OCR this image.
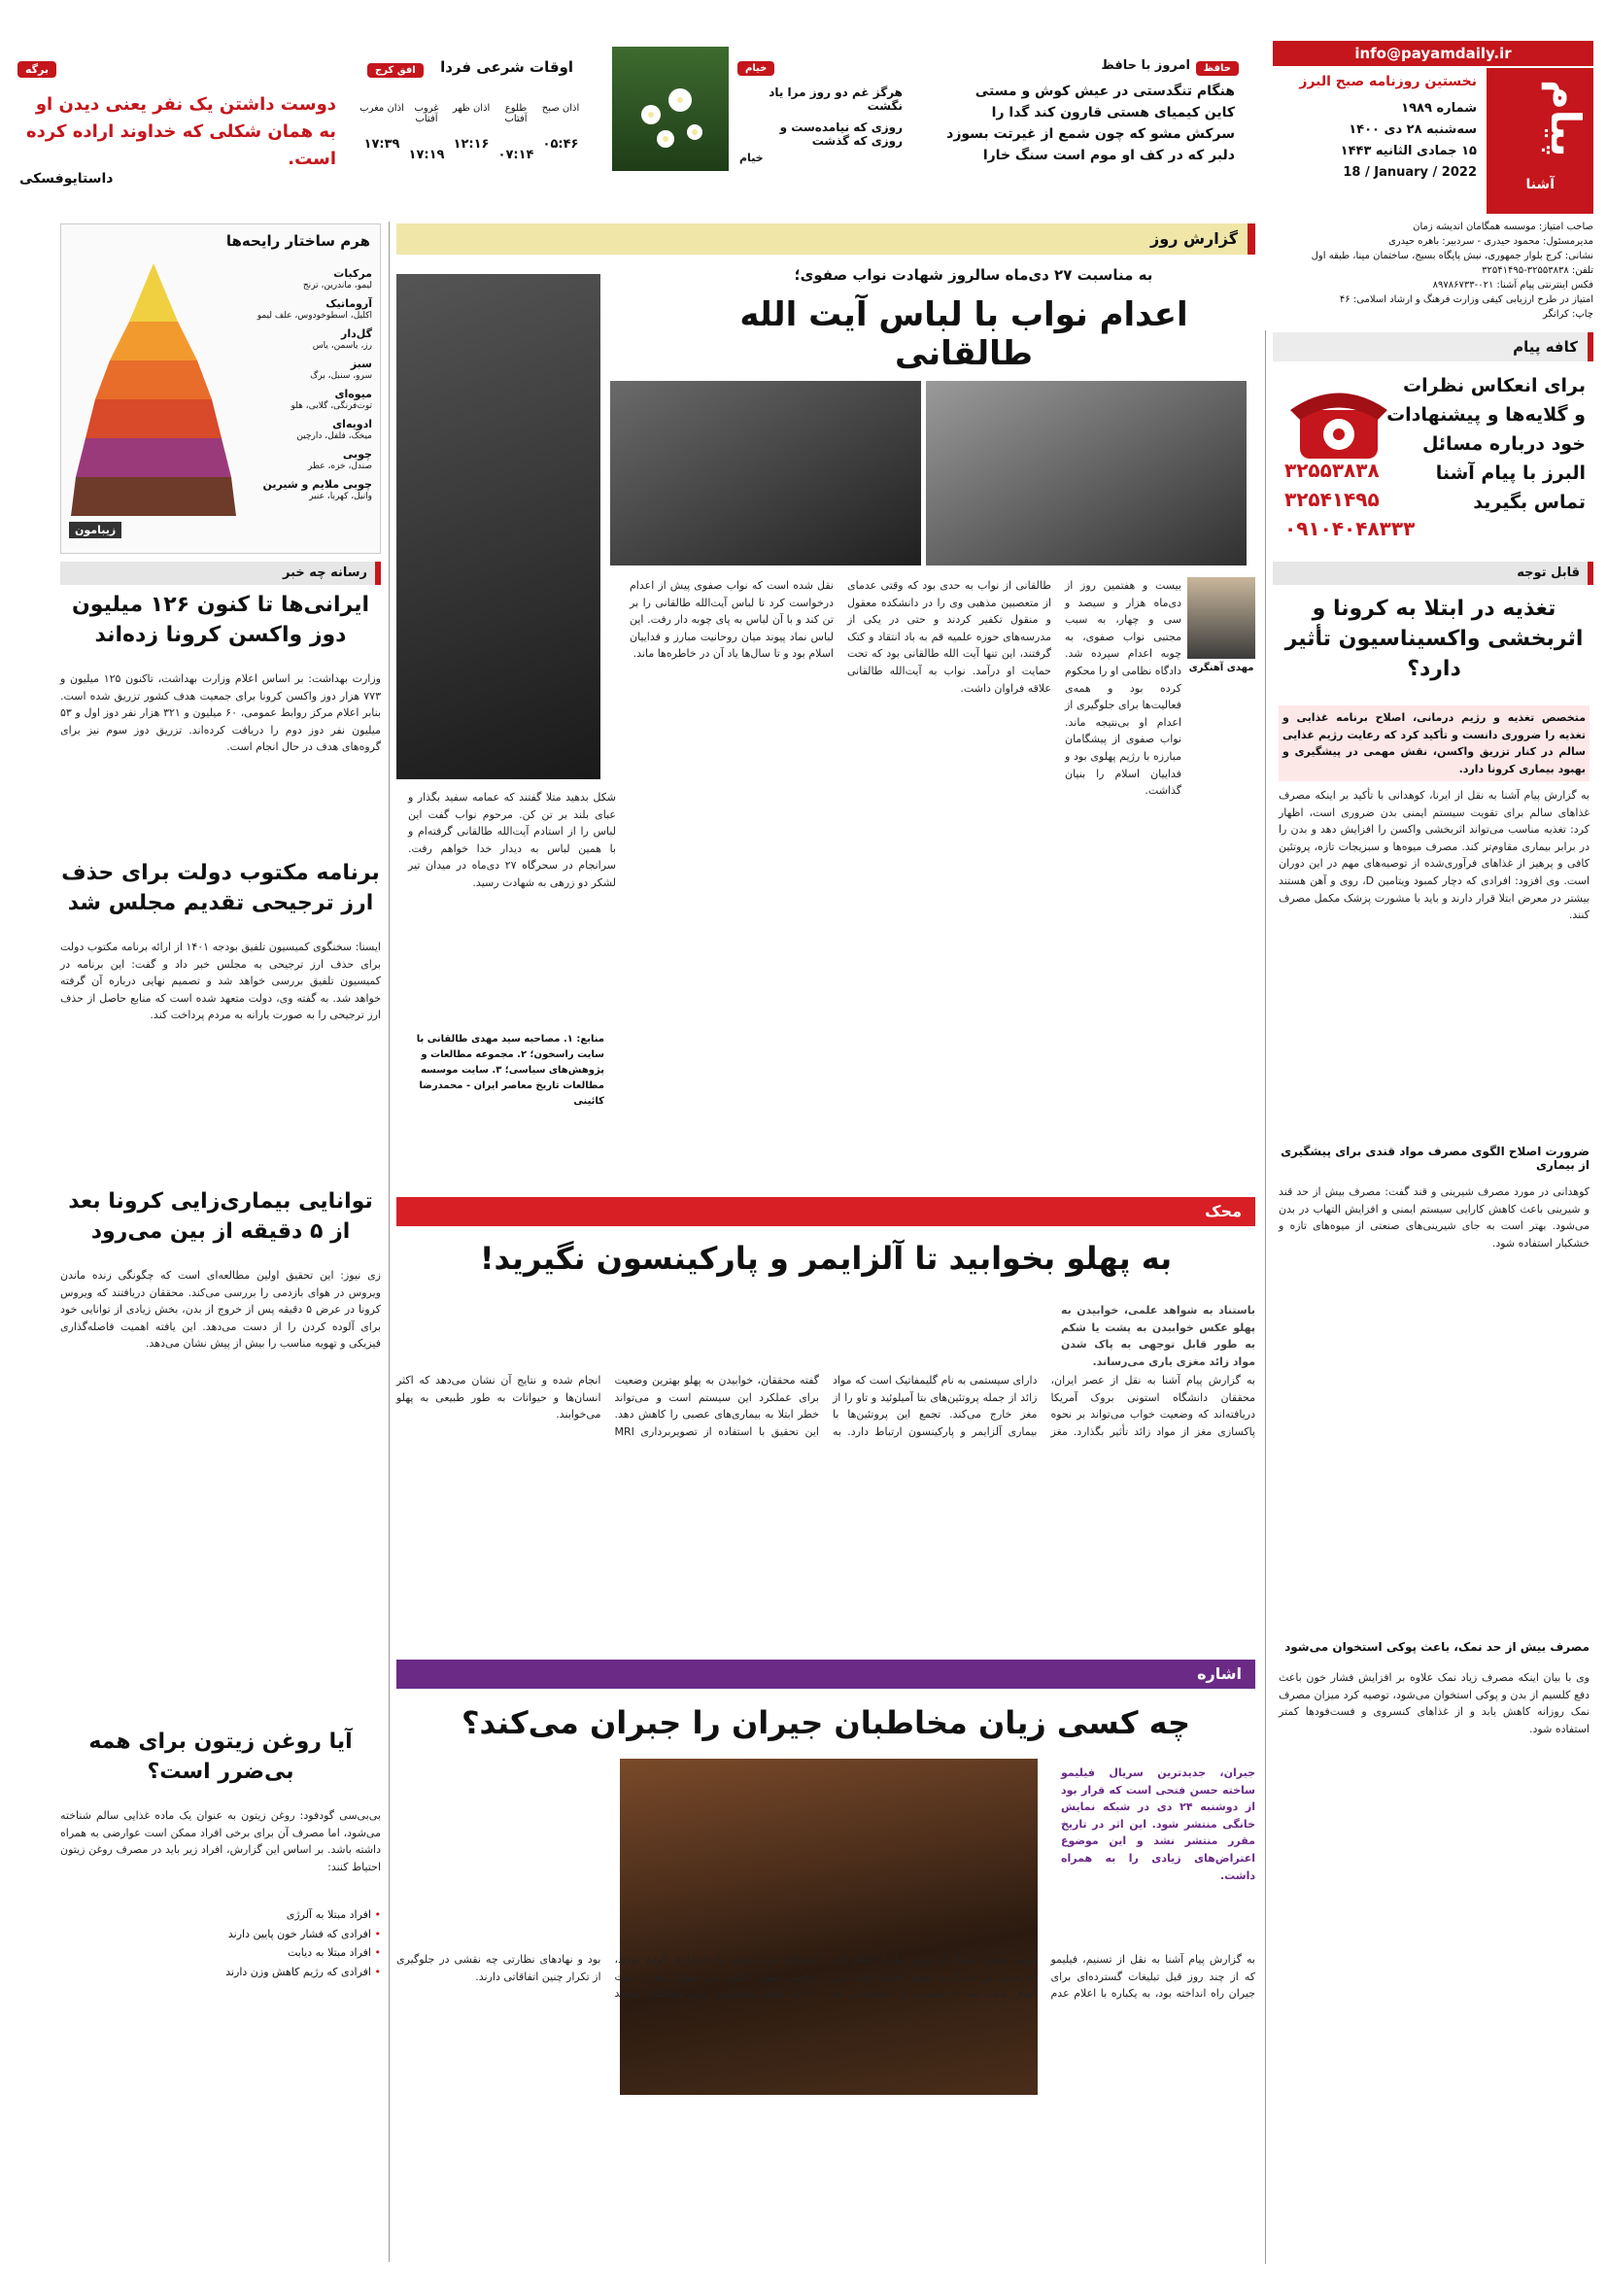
برگه
دوست داشتن یک نفر یعنی دیدن او به همان شکلی که خداوند اراده کرده است.
داستایوفسکی
افق کرج	اوقات شرعی فردا
اذان صبح
۰۵:۴۶
طلوع آفتاب
۰۷:۱۴
اذان ظهر
۱۲:۱۶
غروب آفتاب
۱۷:۱۹
اذان مغرب
۱۷:۳۹
خیام
هرگز غم دو روز مرا یاد نگشت
روزی که نیامده‌ست و روزی که گذشت
خیام
حافظ
امروز با حافظ
هنگام تنگدستی در عیش کوش و مستی
کاین کیمیای هستی قارون کند گدا را
سرکش مشو که چون شمع از غیرتت بسوزد
دلبر که در کف او موم است سنگ خارا
info@payamdaily.ir
پیام
آشنا
نخستین روزنامه صبح البرز
شماره ۱۹۸۹
سه‌شنبه ۲۸ دی ۱۴۰۰
۱۵ جمادی الثانیه ۱۴۴۳
18 / January / 2022
صاحب امتیاز: موسسه همگامان اندیشه زمان
مدیرمسئول: محمود حیدری - سردبیر: باهره حیدری
نشانی: کرج بلوار جمهوری، نبش پایگاه بسیج، ساختمان مینا، طبقه اول
تلفن: ۳۲۵۵۳۸۳۸-۳۲۵۴۱۴۹۵
فکس اینترنتی پیام آشنا: ۰۲۱-۸۹۷۸۶۷۳۳
امتیاز در طرح ارزیابی کیفی وزارت فرهنگ و ارشاد اسلامی: ۴۶
چاپ: کرانگر
کافه پیام
برای انعکاس نظرات
و گلایه‌ها و پیشنهادات
خود درباره مسائل
البرز با پیام آشنا
تماس بگیرید
۳۲۵۵۳۸۳۸
۳۲۵۴۱۴۹۵
۰۹۱۰۴۰۴۸۳۳۳
قابل توجه
تغذیه در ابتلا به کرونا و اثربخشی واکسیناسیون تأثیر دارد؟
متخصص تغذیه و رژیم درمانی، اصلاح برنامه غذایی و تغذیه را ضروری دانست و تأکید کرد که رعایت رژیم غذایی سالم در کنار تزریق واکسن، نقش مهمی در پیشگیری و بهبود بیماری کرونا دارد.
به گزارش پیام آشنا به نقل از ایرنا، کوهدانی با تأکید بر اینکه مصرف غذاهای سالم برای تقویت سیستم ایمنی بدن ضروری است، اظهار کرد: تغذیه مناسب می‌تواند اثربخشی واکسن را افزایش دهد و بدن را در برابر بیماری مقاوم‌تر کند. مصرف میوه‌ها و سبزیجات تازه، پروتئین کافی و پرهیز از غذاهای فرآوری‌شده از توصیه‌های مهم در این دوران است. وی افزود: افرادی که دچار کمبود ویتامین D، روی و آهن هستند بیشتر در معرض ابتلا قرار دارند و باید با مشورت پزشک مکمل مصرف کنند.
ضرورت اصلاح الگوی مصرف مواد قندی برای پیشگیری از بیماری
کوهدانی در مورد مصرف شیرینی و قند گفت: مصرف بیش از حد قند و شیرینی باعث کاهش کارایی سیستم ایمنی و افزایش التهاب در بدن می‌شود. بهتر است به جای شیرینی‌های صنعتی از میوه‌های تازه و خشکبار استفاده شود.
مصرف بیش از حد نمک، باعث پوکی استخوان می‌شود
وی با بیان اینکه مصرف زیاد نمک علاوه بر افزایش فشار خون باعث دفع کلسیم از بدن و پوکی استخوان می‌شود، توصیه کرد میزان مصرف نمک روزانه کاهش یابد و از غذاهای کنسروی و فست‌فودها کمتر استفاده شود.
گزارش روز
به مناسبت ۲۷ دی‌ماه سالروز شهادت نواب صفوی؛
اعدام نواب با لباس آیت الله طالقانی
مهدی آهنگری
بیست و هفتمین روز از دی‌ماه هزار و سیصد و سی و چهار، به سبب مجتبی نواب صفوی، به چوبه اعدام سپرده شد. دادگاه نظامی او را محکوم کرده بود و همه‌ی فعالیت‌ها برای جلوگیری از اعدام او بی‌نتیجه ماند. نواب صفوی از پیشگامان مبارزه با رژیم پهلوی بود و فداییان اسلام را بنیان گذاشت.
طالقانی از نواب به حدی بود که وقتی عدمای از متعصبین مذهبی وی را در دانشکده معقول و منقول تکفیر کردند و حتی در یکی از مدرسه‌های حوزه علمیه قم به باد انتقاد و کتک گرفتند، این تنها آیت الله طالقانی بود که تحت حمایت او درآمد. نواب به آیت‌الله طالقانی علاقه فراوان داشت.
نقل شده است که نواب صفوی پیش از اعدام درخواست کرد تا لباس آیت‌الله طالقانی را بر تن کند و با آن لباس به پای چوبه دار رفت. این لباس نماد پیوند میان روحانیت مبارز و فداییان اسلام بود و تا سال‌ها یاد آن در خاطره‌ها ماند.
شکل بدهید متلا گفتند که عمامه سفید بگذار و عبای بلند بر تن کن. مرحوم نواب گفت این لباس را از استادم آیت‌الله طالقانی گرفته‌ام و با همین لباس به دیدار خدا خواهم رفت. سرانجام در سحرگاه ۲۷ دی‌ماه در میدان تیر لشکر دو زرهی به شهادت رسید.
منابع: ۱. مصاحبه سید مهدی طالقانی با سایت راسخون؛ ۲. مجموعه مطالعات و پژوهش‌های سیاسی؛ ۳. سایت موسسه مطالعات تاریخ معاصر ایران - محمدرضا کائینی
هرم ساختار رایحه‌ها
مرکبات
لیمو، ماندرین، ترنج
آروماتیک
اکلیل، اسطوخودوس، علف لیمو
گل‌دار
رز، یاسمن، یاس
سبز
سرو، سنبل، برگ
میوه‌ای
توت‌فرنگی، گلابی، هلو
ادویه‌ای
میخک، فلفل، دارچین
چوبی
صندل، خزه، عطر
چوبی ملایم و شیرین
وانیل، کهربا، عنبر
زیبامون
رسانه چه خبر
ایرانی‌ها تا کنون ۱۲۶ میلیون دوز واکسن کرونا زده‌اند
وزارت بهداشت: بر اساس اعلام وزارت بهداشت، تاکنون ۱۲۵ میلیون و ۷۷۳ هزار دوز واکسن کرونا برای جمعیت هدف کشور تزریق شده است. بنابر اعلام مرکز روابط عمومی، ۶۰ میلیون و ۳۲۱ هزار نفر دوز اول و ۵۳ میلیون نفر دوز دوم را دریافت کرده‌اند. تزریق دوز سوم نیز برای گروه‌های هدف در حال انجام است.
برنامه مکتوب دولت برای حذف ارز ترجیحی تقدیم مجلس شد
ایسنا: سخنگوی کمیسیون تلفیق بودجه ۱۴۰۱ از ارائه برنامه مکتوب دولت برای حذف ارز ترجیحی به مجلس خبر داد و گفت: این برنامه در کمیسیون تلفیق بررسی خواهد شد و تصمیم نهایی درباره آن گرفته خواهد شد. به گفته وی، دولت متعهد شده است که منابع حاصل از حذف ارز ترجیحی را به صورت یارانه به مردم پرداخت کند.
توانایی بیماری‌زایی کرونا بعد از ۵ دقیقه از بین می‌رود
زی نیوز: این تحقیق اولین مطالعه‌ای است که چگونگی زنده ماندن ویروس در هوای بازدمی را بررسی می‌کند. محققان دریافتند که ویروس کرونا در عرض ۵ دقیقه پس از خروج از بدن، بخش زیادی از توانایی خود برای آلوده کردن را از دست می‌دهد. این یافته اهمیت فاصله‌گذاری فیزیکی و تهویه مناسب را بیش از پیش نشان می‌دهد.
آیا روغن زیتون برای همه بی‌ضرر است؟
بی‌بی‌سی گودفود: روغن زیتون به عنوان یک ماده غذایی سالم شناخته می‌شود، اما مصرف آن برای برخی افراد ممکن است عوارضی به همراه داشته باشد. بر اساس این گزارش، افراد زیر باید در مصرف روغن زیتون احتیاط کنند:
• افراد مبتلا به آلرژی
• افرادی که فشار خون پایین دارند
• افراد مبتلا به دیابت
• افرادی که رژیم کاهش وزن دارند
محک
به پهلو بخوابید تا آلزایمر و پارکینسون نگیرید!
باستناد به شواهد علمی، خوابیدن به پهلو عکس خوابیدن به پشت یا شکم به طور قابل توجهی به پاک شدن مواد زائد مغزی یاری می‌رساند.
به گزارش پیام آشنا به نقل از عصر ایران، محققان دانشگاه استونی بروک آمریکا دریافته‌اند که وضعیت خواب می‌تواند بر نحوه پاکسازی مغز از مواد زائد تأثیر بگذارد. مغز دارای سیستمی به نام گلیمفاتیک است که مواد زائد از جمله پروتئین‌های بتا آمیلوئید و تاو را از مغز خارج می‌کند. تجمع این پروتئین‌ها با بیماری آلزایمر و پارکینسون ارتباط دارد. به گفته محققان، خوابیدن به پهلو بهترین وضعیت برای عملکرد این سیستم است و می‌تواند خطر ابتلا به بیماری‌های عصبی را کاهش دهد. این تحقیق با استفاده از تصویربرداری MRI انجام شده و نتایج آن نشان می‌دهد که اکثر انسان‌ها و حیوانات به طور طبیعی به پهلو می‌خوابند.
اشاره
چه کسی زیان مخاطبان جیران را جبران می‌کند؟
جیران، جدیدترین سریال فیلیمو ساخته حسن فتحی است که قرار بود از دوشنبه ۲۴ دی در شبکه نمایش خانگی منتشر شود. این اثر در تاریخ مقرر منتشر نشد و این موضوع اعتراض‌های زیادی را به همراه داشت.
به گزارش پیام آشنا به نقل از تسنیم، فیلیمو که از چند روز قبل تبلیغات گسترده‌ای برای جیران راه انداخته بود، به یکباره با اعلام عدم صدور مجوز انتشار از سوی ساترا، اعلام کرد که پخش این سریال به تعویق افتاده است. این اتفاق باعث شد تا بسیاری از مخاطبانی که اشتراک این پلتفرم را خریداری کرده بودند، ناراضی شوند. اکنون این سوال مطرح است که چه کسی پاسخگوی زیان مخاطبان خواهد بود و نهادهای نظارتی چه نقشی در جلوگیری از تکرار چنین اتفاقاتی دارند.
